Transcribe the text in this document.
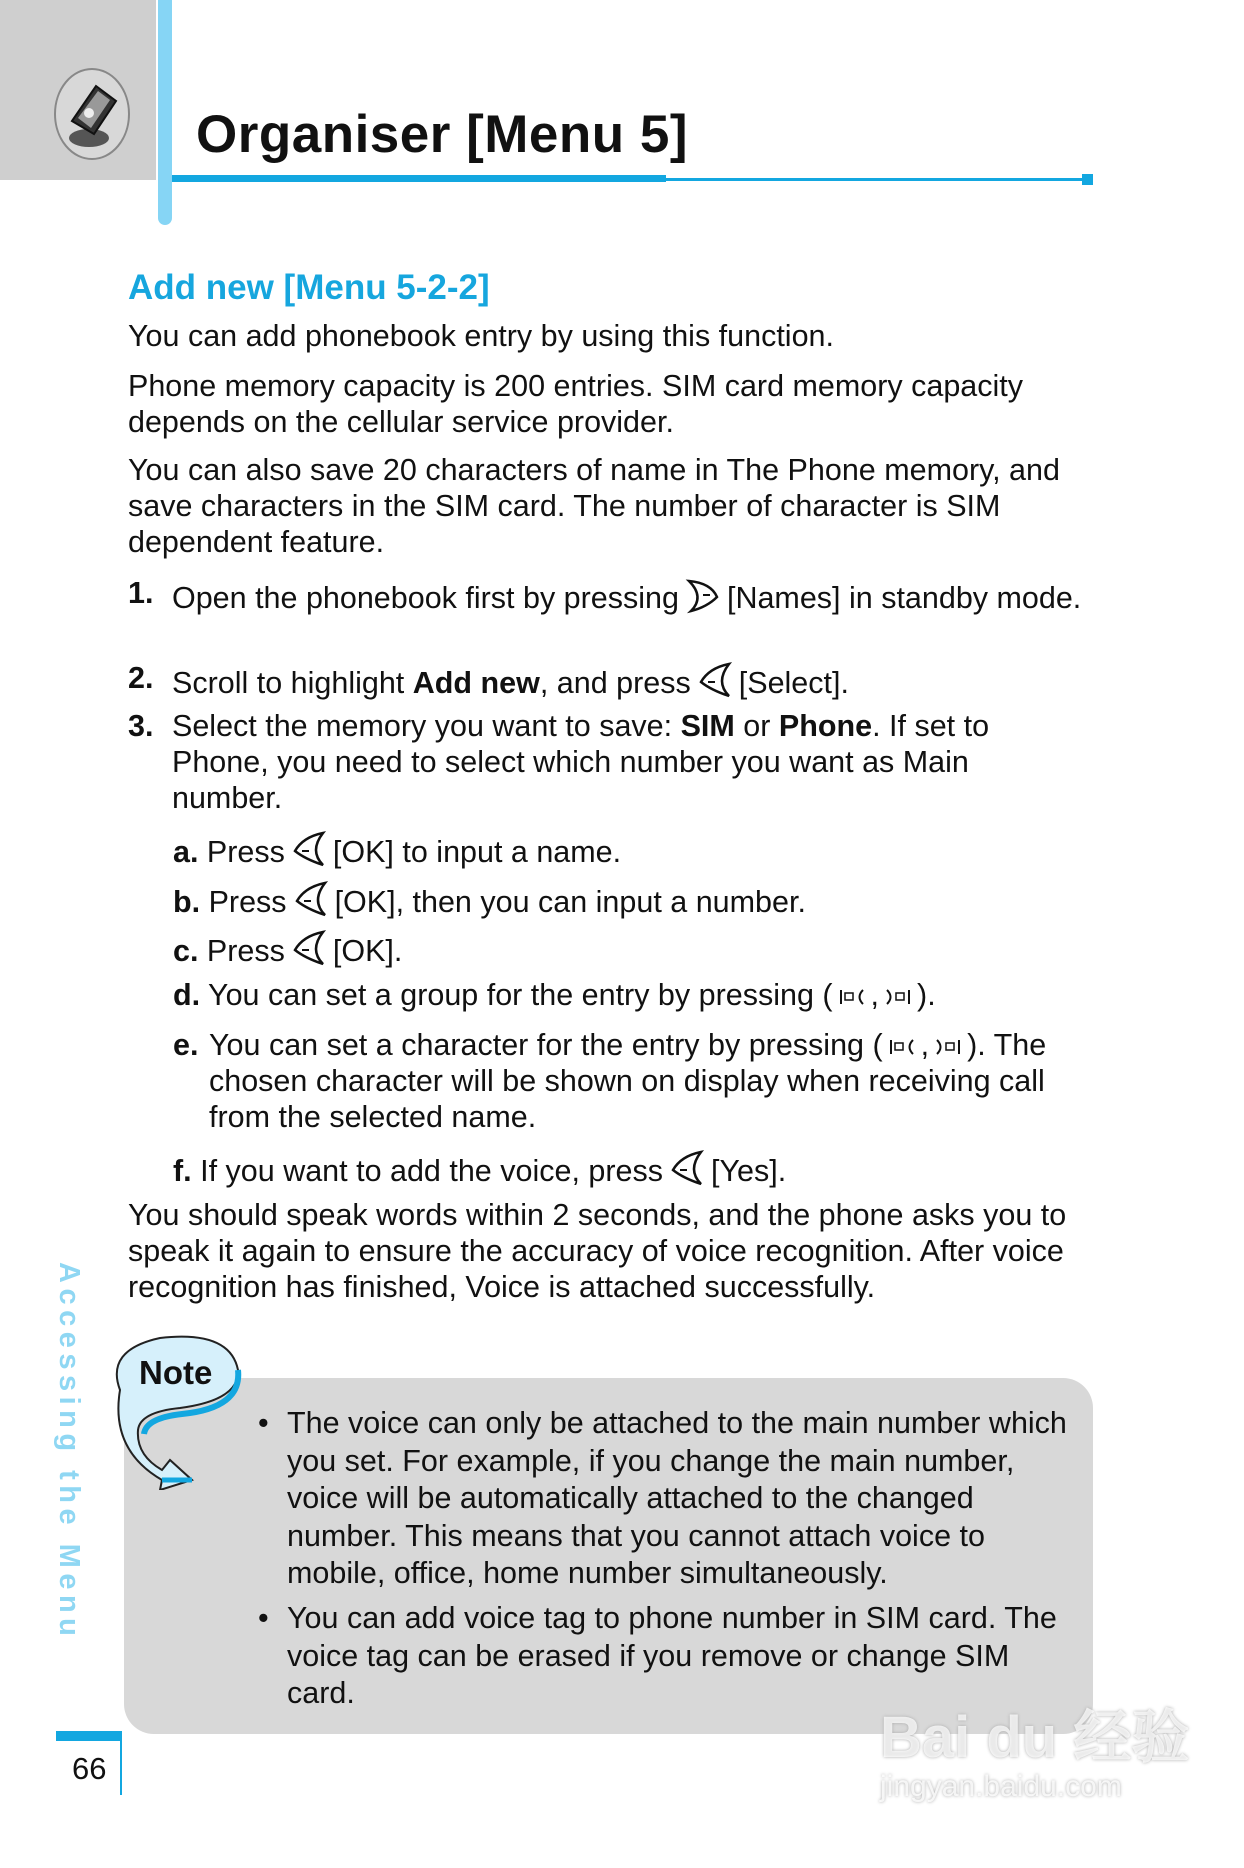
Organiser [Menu 5]
Add new [Menu 5-2-2]
You can add phonebook entry by using this function.
Phone memory capacity is 200 entries. SIM card memory capacity depends on the cellular service provider.
You can also save 20 characters of name in The Phone memory, and save characters in the SIM card. The number of character is SIM dependent feature.
1. Open the phonebook first by pressing [Names] in standby mode.
2. Scroll to highlight Add new, and press [Select].
3. Select the memory you want to save: SIM or Phone. If set to Phone, you need to select which number you want as Main number.
a. Press [OK] to input a name.
b. Press [OK], then you can input a number.
c. Press [OK].
d. You can set a group for the entry by pressing ( , ).
e. You can set a character for the entry by pressing ( , ). The chosen character will be shown on display when receiving call from the selected name.
f. If you want to add the voice, press [Yes].
You should speak words within 2 seconds, and the phone asks you to speak it again to ensure the accuracy of voice recognition. After voice recognition has finished, Voice is attached successfully.
Note
• The voice can only be attached to the main number which you set. For example, if you change the main number, voice will be automatically attached to the changed number. This means that you cannot attach voice to mobile, office, home number simultaneously.
• You can add voice tag to phone number in SIM card. The voice tag can be erased if you remove or change SIM card.
Accessing the Menu
66	Bai du 经验
jingyan.baidu.com
